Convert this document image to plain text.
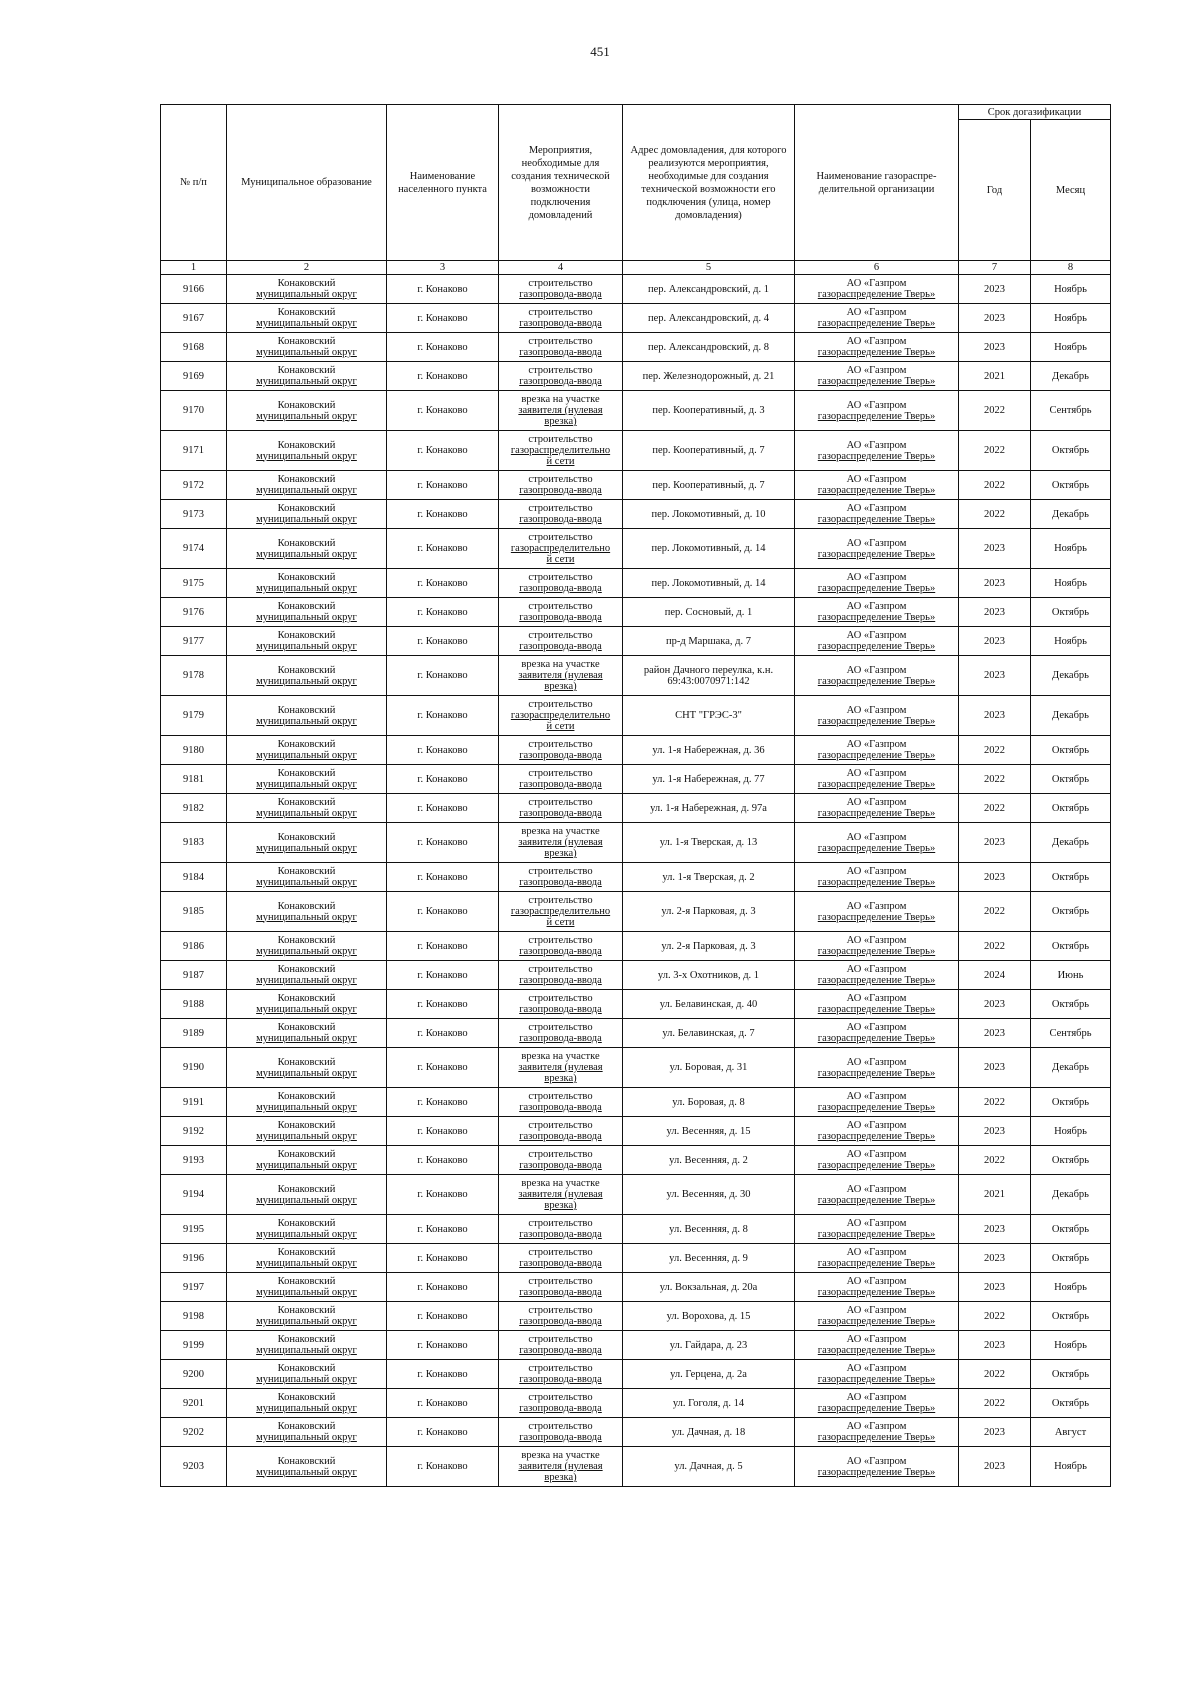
451
№ п/п	Муниципальное образование	Наименование населенного пункта	Мероприятия, необходимые для создания технической возможности подключения домовладений	Адрес домовладения, для которого реализуются мероприятия, необходимые для создания технической возможности его подключения (улица, номер домовладения)	Наименование газораспре-делительной организации	Срок догазификации	
						Год	Месяц
1	2	3	4	5	6	7	8
9166	Конаковский
муниципальный округ	г. Конаково	строительство
газопровода-ввода	пер. Александровский, д. 1	АО «Газпром
газораспределение Тверь»	2023	Ноябрь
9167	Конаковский
муниципальный округ	г. Конаково	строительство
газопровода-ввода	пер. Александровский, д. 4	АО «Газпром
газораспределение Тверь»	2023	Ноябрь
9168	Конаковский
муниципальный округ	г. Конаково	строительство
газопровода-ввода	пер. Александровский, д. 8	АО «Газпром
газораспределение Тверь»	2023	Ноябрь
9169	Конаковский
муниципальный округ	г. Конаково	строительство
газопровода-ввода	пер. Железнодорожный, д. 21	АО «Газпром
газораспределение Тверь»	2021	Декабрь
9170	Конаковский
муниципальный округ	г. Конаково	врезка на участке
заявителя (нулевая
врезка)	пер. Кооперативный, д. 3	АО «Газпром
газораспределение Тверь»	2022	Сентябрь
9171	Конаковский
муниципальный округ	г. Конаково	строительство
газораспределительно
й сети	пер. Кооперативный, д. 7	АО «Газпром
газораспределение Тверь»	2022	Октябрь
9172	Конаковский
муниципальный округ	г. Конаково	строительство
газопровода-ввода	пер. Кооперативный, д. 7	АО «Газпром
газораспределение Тверь»	2022	Октябрь
9173	Конаковский
муниципальный округ	г. Конаково	строительство
газопровода-ввода	пер. Локомотивный, д. 10	АО «Газпром
газораспределение Тверь»	2022	Декабрь
9174	Конаковский
муниципальный округ	г. Конаково	строительство
газораспределительно
й сети	пер. Локомотивный, д. 14	АО «Газпром
газораспределение Тверь»	2023	Ноябрь
9175	Конаковский
муниципальный округ	г. Конаково	строительство
газопровода-ввода	пер. Локомотивный, д. 14	АО «Газпром
газораспределение Тверь»	2023	Ноябрь
9176	Конаковский
муниципальный округ	г. Конаково	строительство
газопровода-ввода	пер. Сосновый, д. 1	АО «Газпром
газораспределение Тверь»	2023	Октябрь
9177	Конаковский
муниципальный округ	г. Конаково	строительство
газопровода-ввода	пр-д Маршака, д. 7	АО «Газпром
газораспределение Тверь»	2023	Ноябрь
9178	Конаковский
муниципальный округ	г. Конаково	врезка на участке
заявителя (нулевая
врезка)	район Дачного переулка, к.н. 69:43:0070971:142	АО «Газпром
газораспределение Тверь»	2023	Декабрь
9179	Конаковский
муниципальный округ	г. Конаково	строительство
газораспределительно
й сети	СНТ "ГРЭС-3"	АО «Газпром
газораспределение Тверь»	2023	Декабрь
9180	Конаковский
муниципальный округ	г. Конаково	строительство
газопровода-ввода	ул. 1-я Набережная, д. 36	АО «Газпром
газораспределение Тверь»	2022	Октябрь
9181	Конаковский
муниципальный округ	г. Конаково	строительство
газопровода-ввода	ул. 1-я Набережная, д. 77	АО «Газпром
газораспределение Тверь»	2022	Октябрь
9182	Конаковский
муниципальный округ	г. Конаково	строительство
газопровода-ввода	ул. 1-я Набережная, д. 97а	АО «Газпром
газораспределение Тверь»	2022	Октябрь
9183	Конаковский
муниципальный округ	г. Конаково	врезка на участке
заявителя (нулевая
врезка)	ул. 1-я Тверская, д. 13	АО «Газпром
газораспределение Тверь»	2023	Декабрь
9184	Конаковский
муниципальный округ	г. Конаково	строительство
газопровода-ввода	ул. 1-я Тверская, д. 2	АО «Газпром
газораспределение Тверь»	2023	Октябрь
9185	Конаковский
муниципальный округ	г. Конаково	строительство
газораспределительно
й сети	ул. 2-я Парковая, д. 3	АО «Газпром
газораспределение Тверь»	2022	Октябрь
9186	Конаковский
муниципальный округ	г. Конаково	строительство
газопровода-ввода	ул. 2-я Парковая, д. 3	АО «Газпром
газораспределение Тверь»	2022	Октябрь
9187	Конаковский
муниципальный округ	г. Конаково	строительство
газопровода-ввода	ул. 3-х Охотников, д. 1	АО «Газпром
газораспределение Тверь»	2024	Июнь
9188	Конаковский
муниципальный округ	г. Конаково	строительство
газопровода-ввода	ул. Белавинская, д. 40	АО «Газпром
газораспределение Тверь»	2023	Октябрь
9189	Конаковский
муниципальный округ	г. Конаково	строительство
газопровода-ввода	ул. Белавинская, д. 7	АО «Газпром
газораспределение Тверь»	2023	Сентябрь
9190	Конаковский
муниципальный округ	г. Конаково	врезка на участке
заявителя (нулевая
врезка)	ул. Боровая, д. 31	АО «Газпром
газораспределение Тверь»	2023	Декабрь
9191	Конаковский
муниципальный округ	г. Конаково	строительство
газопровода-ввода	ул. Боровая, д. 8	АО «Газпром
газораспределение Тверь»	2022	Октябрь
9192	Конаковский
муниципальный округ	г. Конаково	строительство
газопровода-ввода	ул. Весенняя, д. 15	АО «Газпром
газораспределение Тверь»	2023	Ноябрь
9193	Конаковский
муниципальный округ	г. Конаково	строительство
газопровода-ввода	ул. Весенняя, д. 2	АО «Газпром
газораспределение Тверь»	2022	Октябрь
9194	Конаковский
муниципальный округ	г. Конаково	врезка на участке
заявителя (нулевая
врезка)	ул. Весенняя, д. 30	АО «Газпром
газораспределение Тверь»	2021	Декабрь
9195	Конаковский
муниципальный округ	г. Конаково	строительство
газопровода-ввода	ул. Весенняя, д. 8	АО «Газпром
газораспределение Тверь»	2023	Октябрь
9196	Конаковский
муниципальный округ	г. Конаково	строительство
газопровода-ввода	ул. Весенняя, д. 9	АО «Газпром
газораспределение Тверь»	2023	Октябрь
9197	Конаковский
муниципальный округ	г. Конаково	строительство
газопровода-ввода	ул. Вокзальная, д. 20а	АО «Газпром
газораспределение Тверь»	2023	Ноябрь
9198	Конаковский
муниципальный округ	г. Конаково	строительство
газопровода-ввода	ул. Ворохова, д. 15	АО «Газпром
газораспределение Тверь»	2022	Октябрь
9199	Конаковский
муниципальный округ	г. Конаково	строительство
газопровода-ввода	ул. Гайдара, д. 23	АО «Газпром
газораспределение Тверь»	2023	Ноябрь
9200	Конаковский
муниципальный округ	г. Конаково	строительство
газопровода-ввода	ул. Герцена, д. 2а	АО «Газпром
газораспределение Тверь»	2022	Октябрь
9201	Конаковский
муниципальный округ	г. Конаково	строительство
газопровода-ввода	ул. Гоголя, д. 14	АО «Газпром
газораспределение Тверь»	2022	Октябрь
9202	Конаковский
муниципальный округ	г. Конаково	строительство
газопровода-ввода	ул. Дачная, д. 18	АО «Газпром
газораспределение Тверь»	2023	Август
9203	Конаковский
муниципальный округ	г. Конаково	врезка на участке
заявителя (нулевая
врезка)	ул. Дачная, д. 5	АО «Газпром
газораспределение Тверь»	2023	Ноябрь
